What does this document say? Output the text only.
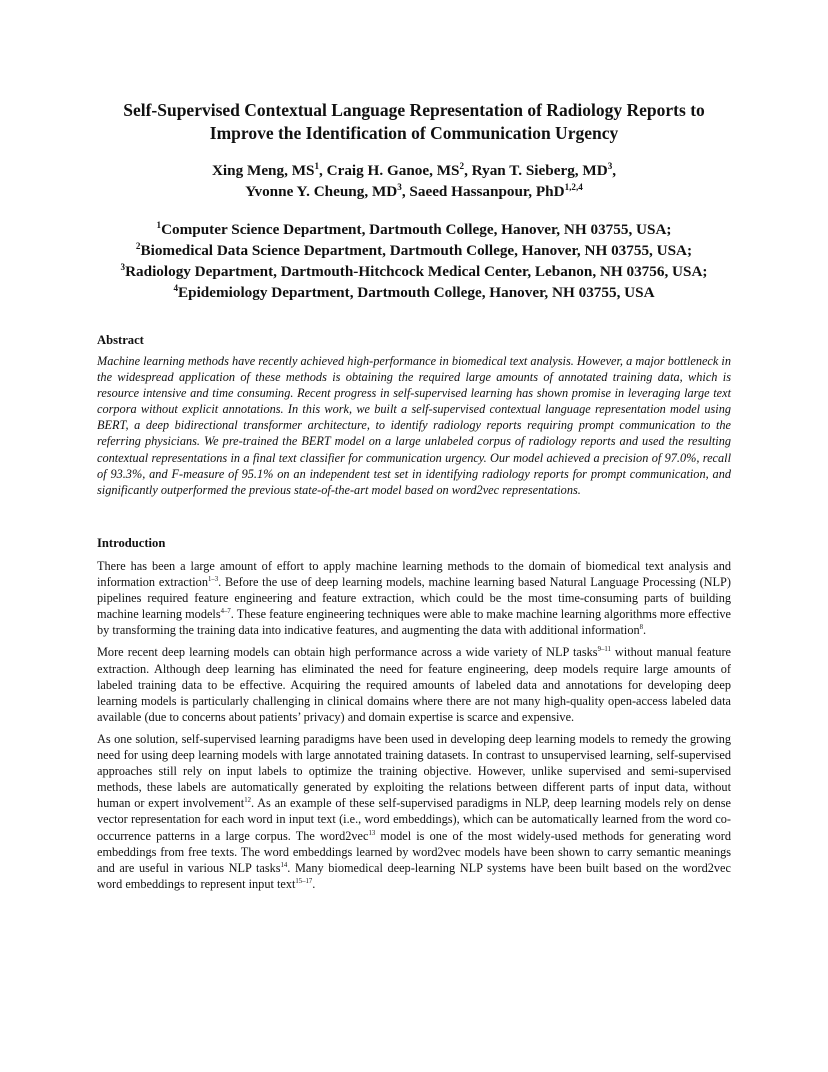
Self-Supervised Contextual Language Representation of Radiology Reports to
Improve the Identification of Communication Urgency
Xing Meng, $MS^1$, Craig H. Ganoe, $MS^2$, Ryan T. Sieberg, $MD^3$,
Yvonne Y. Cheung, $MD^3$, Saeed Hassanpour, PhD$^{1,2,4}$
$^1$Computer Science Department, Dartmouth College, Hanover, NH 03755, USA;
$^2$Biomedical Data Science Department, Dartmouth College, Hanover, NH 03755, USA;
$^3$Radiology Department, Dartmouth-Hitchcock Medical Center, Lebanon, NH 03756, USA;
$^4$Epidemiology Department, Dartmouth College, Hanover, NH 03755, USA
Abstract
Machine learning methods have recently achieved high-performance in biomedical text analysis. However, a major bottleneck in the widespread application of these methods is obtaining the required large amounts of annotated training data, which is resource intensive and time consuming. Recent progress in self-supervised learning has shown promise in leveraging large text corpora without explicit annotations. In this work, we built a self-supervised contextual language representation model using BERT, a deep bidirectional transformer architecture, to identify radiology reports requiring prompt communication to the referring physicians. We pre-trained the BERT model on a large unlabeled corpus of radiology reports and used the resulting contextual representations in a final text classifier for communication urgency. Our model achieved a precision of 97.0%, recall of 93.3%, and F-measure of 95.1% on an independent test set in identifying radiology reports for prompt communication, and significantly outperformed the previous state-of-the-art model based on word2vec representations.
Introduction

There has been a large amount of effort to apply machine learning methods to the domain of biomedical text analysis and information extraction$^{1-3}$. Before the use of deep learning models, machine learning based Natural Language Processing (NLP) pipelines required feature engineering and feature extraction, which could be the most time-consuming parts of building machine learning models$^{4-7}$. These feature engineering techniques were able to make machine learning algorithms more effective by transforming the training data into indicative features, and augmenting the data with additional information$^8$.

More recent deep learning models can obtain high performance across a wide variety of NLP tasks$^{9-11}$ without manual feature extraction. Although deep learning has eliminated the need for feature engineering, deep models require large amounts of labeled training data to be effective. Acquiring the required amounts of labeled data and annotations for developing deep learning models is particularly challenging in clinical domains where there are not many high-quality open-access labeled data available (due to concerns about patients’ privacy) and domain expertise is scarce and expensive.

As one solution, self-supervised learning paradigms have been used in developing deep learning models to remedy the growing need for using deep learning models with large annotated training datasets. In contrast to unsupervised learning, self-supervised approaches still rely on input labels to optimize the training objective. However, unlike supervised and semi-supervised methods, these labels are automatically generated by exploiting the relations between different parts of input data, without human or expert involvement$^{12}$. As an example of these self-supervised paradigms in NLP, deep learning models rely on dense vector representation for each word in input text (i.e., word embeddings), which can be automatically learned from the word co-occurrence patterns in a large corpus. The word2vec$^{13}$ model is one of the most widely-used methods for generating word embeddings from free texts. The word embeddings learned by word2vec models have been shown to carry semantic meanings and are useful in various NLP tasks$^{14}$. Many biomedical deep-learning NLP systems have been built based on the word2vec word embeddings to represent input text$^{15-17}$.
